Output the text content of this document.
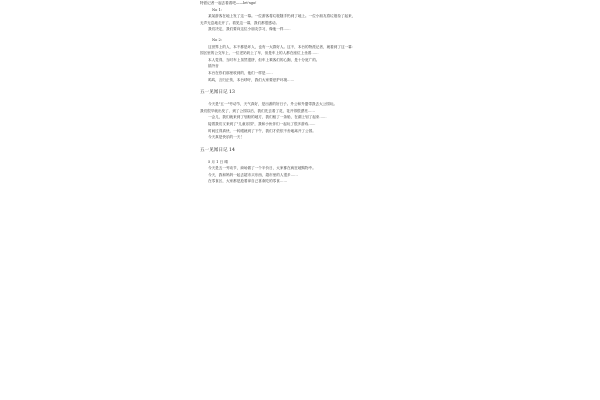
特派记者一起去看看吧——let'sgo!
No 1:
某某游客在地上发了这一幕。一位游客将垃圾随手扔到了地上。一位小朋友将垃圾捡了起来，
无声无息地走开了。看见这一幕，我们都很感动。
我们决定，我们要向这位小朋友学习，像他一样……
No 2:
这世界上的人，本不都是坏人，也有一大群好人。这不，本台的特派记者，就看到了这一幕：
园区里的公交车上，一位老奶奶上了车，但是车上的人都在座位上坐着……
本人觉得，当时车上虽然很挤，但车上乘客们的心胸，是十分宽广的。
插外音
本台在你们那里收到的，他们一样是……
呜呜，言归正传，本台呼吁，我们大家要爱护环境……
五一见闻日记 13
今天是"五一"劳动节，天气真好，是出游的好日子。外公和外婆带我去大公园玩。
我们很早就出发了，到了公园以后，我们先去看了花，花开得很漂亮……
一会儿，我们就来到了划船的地方，我们租了一条船，在湖上划了起来……
接着我们又来到了"儿童乐园"，我和小伙伴们一起玩了很多游戏……
时间过得真快，一转眼就到了下午，我们才依依不舍地离开了公园。
今天真是快乐的一天！
五一见闻日记 14
5 月 1 日 晴
今天是五一劳动节，商场做了一个半价日，大家都在疯狂地购物中。
今天，我和妈妈一起去超市买东西，超市里的人很多……
在零食区，大家都是抢着拿自己喜欢吃的零食……
